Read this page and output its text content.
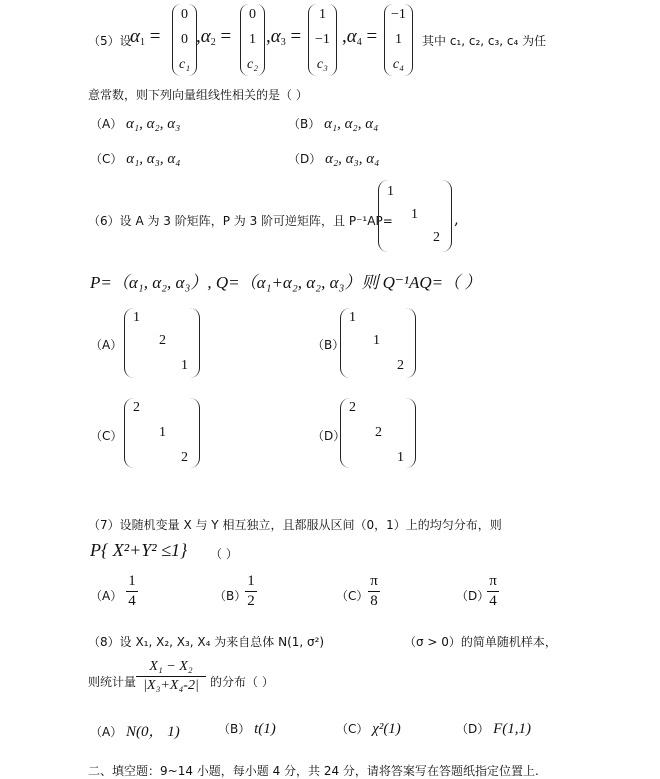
（5）设
$\alpha_1$ =
0
0
c₁
$,\alpha_2$ =
0
1
c₂
$,\alpha_3$ =
1
−1
c₃
$,\alpha_4$ =
−1
1
c₄
其中 c₁, c₂, c₃, c₄ 为任
意常数，则下列向量组线性相关的是（ ）
（A） α₁, α₂, α₃	（B） α₁, α₂, α₄
（C） α₁, α₃, α₄	（D） α₂, α₃, α₄
（6）设 A 为 3 阶矩阵，P 为 3 阶可逆矩阵，且 P⁻¹AP=
1
1
2
,
P=（α₁, α₂, α₃）, Q=（α₁+α₂, α₂, α₃）则 Q⁻¹AQ=（ ）
（A）
1
2
1
（B）
1
1
2
（C）
2
1
2
（D）
2
2
1
（7）设随机变量 X 与 Y 相互独立，且都服从区间（0，1）上的均匀分布，则
P{ X²+Y² ≤1} （ ）
（A）
1
4	（B）
1
2	（C）
π
8	（D）
π
4
（8）设 X₁, X₂, X₃, X₄ 为来自总体 N(1, σ²)	（σ > 0）的简单随机样本，
则统计量
X₁ − X₂
|X₃+X₄-2| 的分布（ ）
（A） N(0， 1)	（B） t(1)	（C） χ²(1)	（D） F(1,1)
二、填空题：9~14 小题，每小题 4 分，共 24 分，请将答案写在答题纸指定位置上.
